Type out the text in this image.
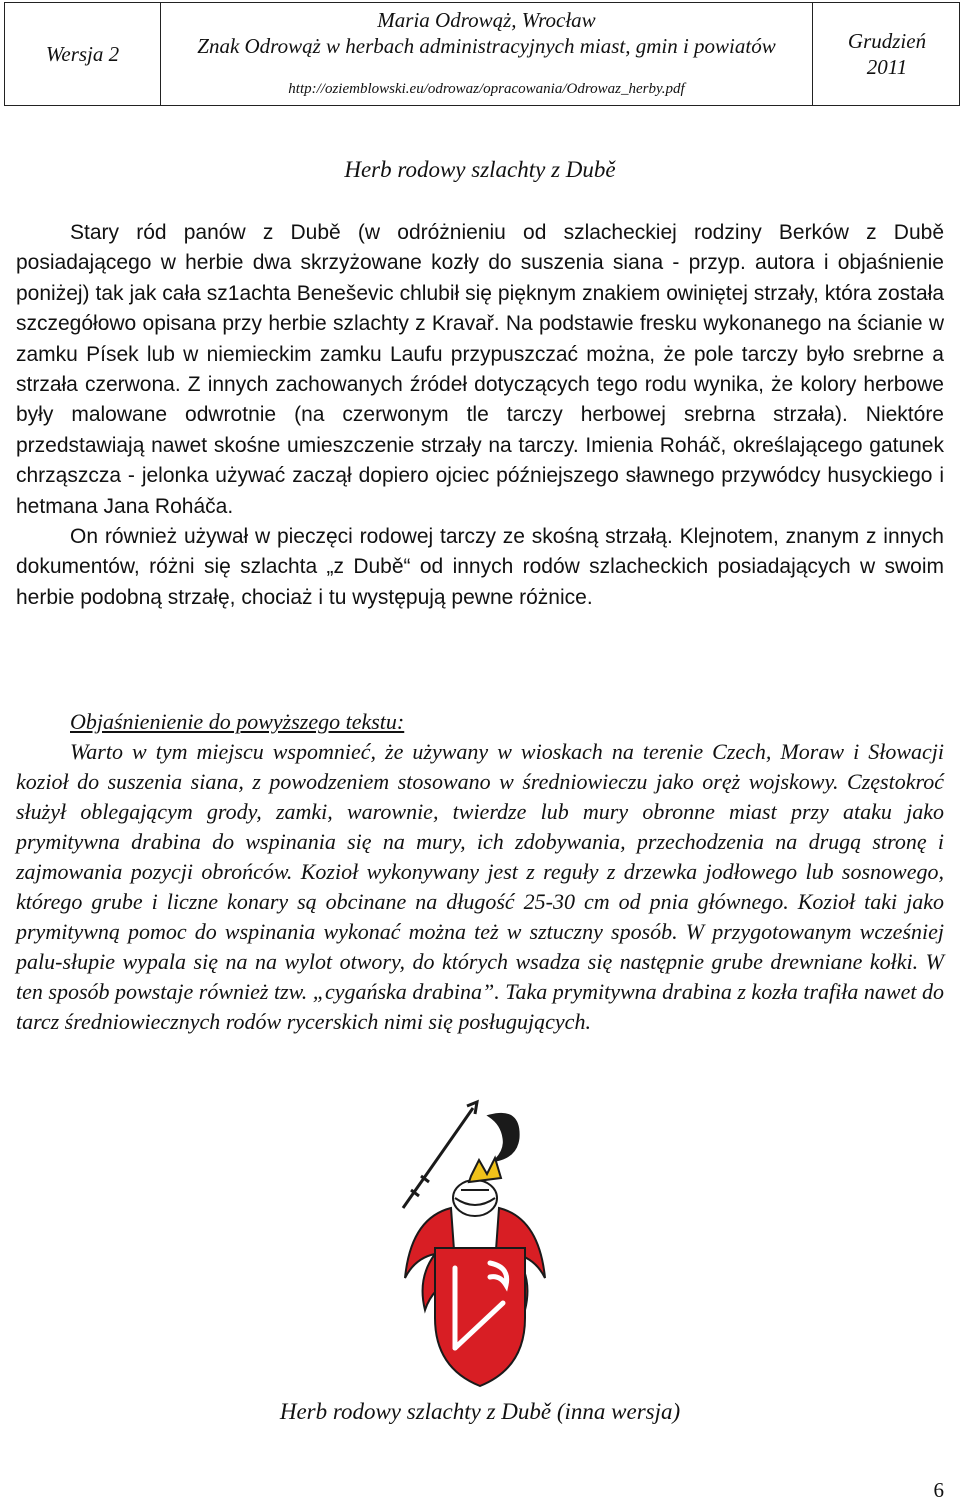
Wersja 2
Maria Odrowąż, Wrocław
Znak Odrowąż w herbach administracyjnych miast, gmin i powiatów
http://oziemblowski.eu/odrowaz/opracowania/Odrowaz_herby.pdf
Grudzień
2011
Herb rodowy szlachty z Dubě

Stary ród panów z Dubě (w odróżnieniu od szlacheckiej rodziny Berków z Dubě posiadającego w herbie dwa skrzyżowane kozły do suszenia siana - przyp. autora i objaśnienie poniżej) tak jak cała sz1achta Beneševic chlubił się pięknym znakiem owiniętej strzały, która została szczegółowo opisana przy herbie szlachty z Kravař. Na podstawie fresku wykonanego na ścianie w zamku Písek lub w niemieckim zamku Laufu przypuszczać można, że pole tarczy było srebrne a strzała czerwona. Z innych zachowanych źródeł dotyczących tego rodu wynika, że kolory herbowe były malowane odwrotnie (na czerwonym tle tarczy herbowej srebrna strzała). Niektóre przedstawiają nawet skośne umieszczenie strzały na tarczy. Imienia Roháč, określającego gatunek chrząszcza - jelonka używać zaczął dopiero ojciec późniejszego sławnego przywódcy husyckiego i hetmana Jana Roháča.

On również używał w pieczęci rodowej tarczy ze skośną strzałą. Klejnotem, znanym z innych dokumentów, różni się szlachta „z Dubě“ od innych rodów szlacheckich posiadających w swoim herbie podobną strzałę, chociaż i tu występują pewne różnice.

Objaśnienienie do powyższego tekstu:

Warto w tym miejscu wspomnieć, że używany w wioskach na terenie Czech, Moraw i Słowacji kozioł do suszenia siana, z powodzeniem stosowano w średniowieczu jako oręż wojskowy. Częstokroć służył oblegającym grody, zamki, warownie, twierdze lub mury obronne miast przy ataku jako prymitywna drabina do wspinania się na mury, ich zdobywania, przechodzenia na drugą stronę i zajmowania pozycji obrońców. Kozioł wykonywany jest z reguły z drzewka jodłowego lub sosnowego, którego grube i liczne konary są obcinane na długość 25-30 cm od pnia głównego. Kozioł taki jako prymitywną pomoc do wspinania wykonać można też w sztuczny sposób. W przygotowanym wcześniej palu-słupie wypala się na na wylot otwory, do których wsadza się następnie grube drewniane kołki. W ten sposób powstaje również tzw. „cygańska drabina”. Taka prymitywna drabina z kozła trafiła nawet do tarcz średniowiecznych rodów rycerskich nimi się posługujących.

Herb rodowy szlachty z Dubě (inna wersja)
6
